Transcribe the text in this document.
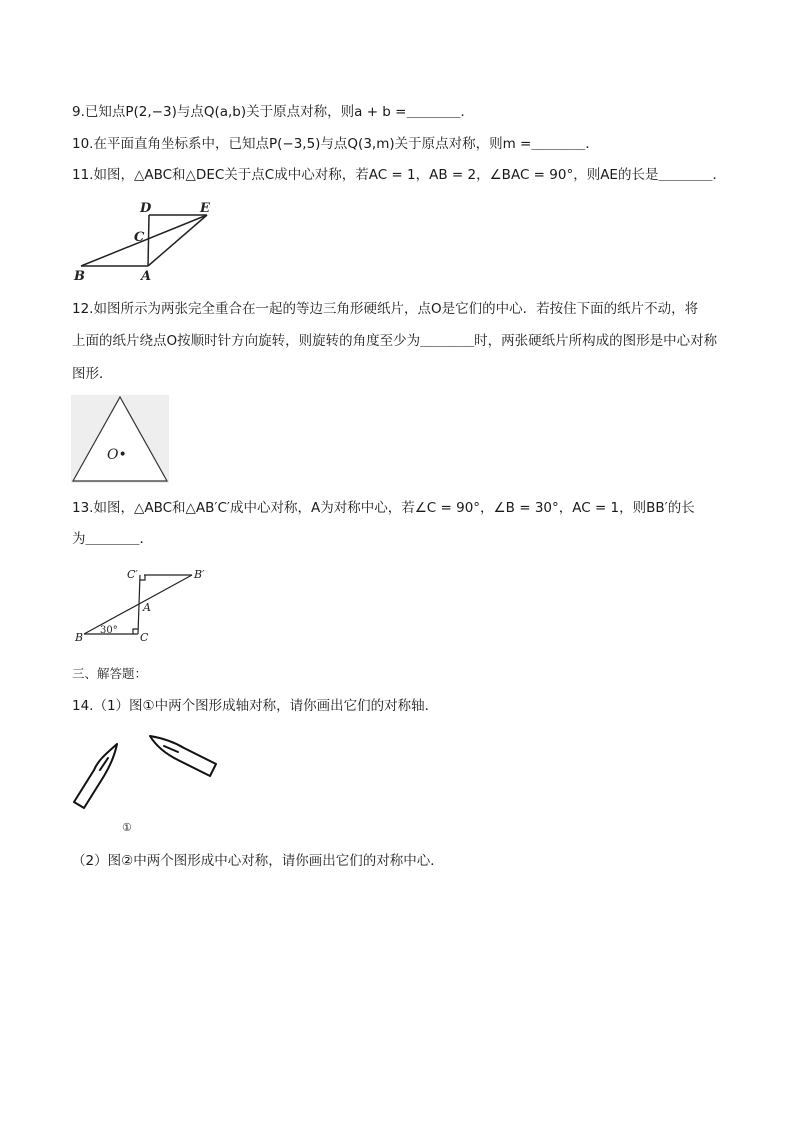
9.已知点P(2,−3)与点Q(a,b)关于原点对称，则a + b =＿＿＿＿．
10.在平面直角坐标系中，已知点P(−3,5)与点Q(3,m)关于原点对称，则m =＿＿＿＿．
11.如图，△ABC和△DEC关于点C成中心对称，若AC = 1，AB = 2，∠BAC = 90°，则AE的长是＿＿＿＿．
D	E
C
B	A
12.如图所示为两张完全重合在一起的等边三角形硬纸片，点O是它们的中心．若按住下面的纸片不动，将
上面的纸片绕点O按顺时针方向旋转，则旋转的角度至少为＿＿＿＿时，两张硬纸片所构成的图形是中心对称
图形．
O•
13.如图，△ABC和△AB′C′成中心对称，A为对称中心，若∠C = 90°，∠B = 30°，AC = 1，则BB′的长
为＿＿＿＿．
C′	B′
A
B	C
30°
三、解答题：
14.（1）图①中两个图形成轴对称，请你画出它们的对称轴．
①
（2）图②中两个图形成中心对称，请你画出它们的对称中心．
